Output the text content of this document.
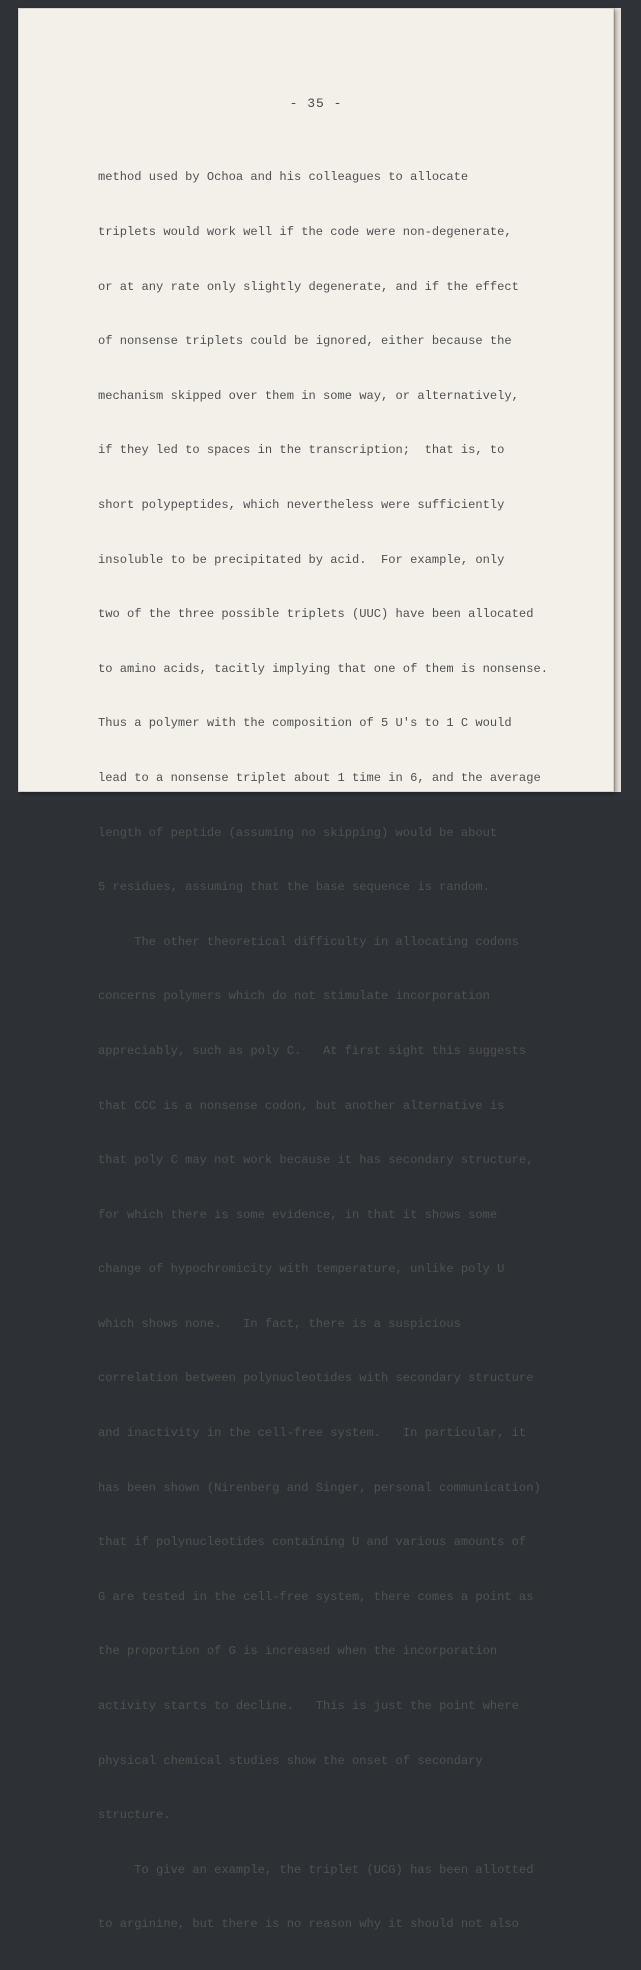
- 35 -

method used by Ochoa and his colleagues to allocate

triplets would work well if the code were non-degenerate,

or at any rate only slightly degenerate, and if the effect

of nonsense triplets could be ignored, either because the

mechanism skipped over them in some way, or alternatively,

if they led to spaces in the transcription;  that is, to

short polypeptides, which nevertheless were sufficiently

insoluble to be precipitated by acid.  For example, only

two of the three possible triplets (UUC) have been allocated

to amino acids, tacitly implying that one of them is nonsense.

Thus a polymer with the composition of 5 U's to 1 C would

lead to a nonsense triplet about 1 time in 6, and the average

length of peptide (assuming no skipping) would be about

5 residues, assuming that the base sequence is random.

The other theoretical difficulty in allocating codons

concerns polymers which do not stimulate incorporation

appreciably, such as poly C.   At first sight this suggests

that CCC is a nonsense codon, but another alternative is

that poly C may not work because it has secondary structure,

for which there is some evidence, in that it shows some

change of hypochromicity with temperature, unlike poly U

which shows none.   In fact, there is a suspicious

correlation between polynucleotides with secondary structure

and inactivity in the cell-free system.   In particular, it

has been shown (Nirenberg and Singer, personal communication)

that if polynucleotides containing U and various amounts of

G are tested in the cell-free system, there comes a point as

the proportion of G is increased when the incorporation

activity starts to decline.   This is just the point where

physical chemical studies show the onset of secondary

structure.

To give an example, the triplet (UCG) has been allotted

to arginine, but there is no reason why it should not also
